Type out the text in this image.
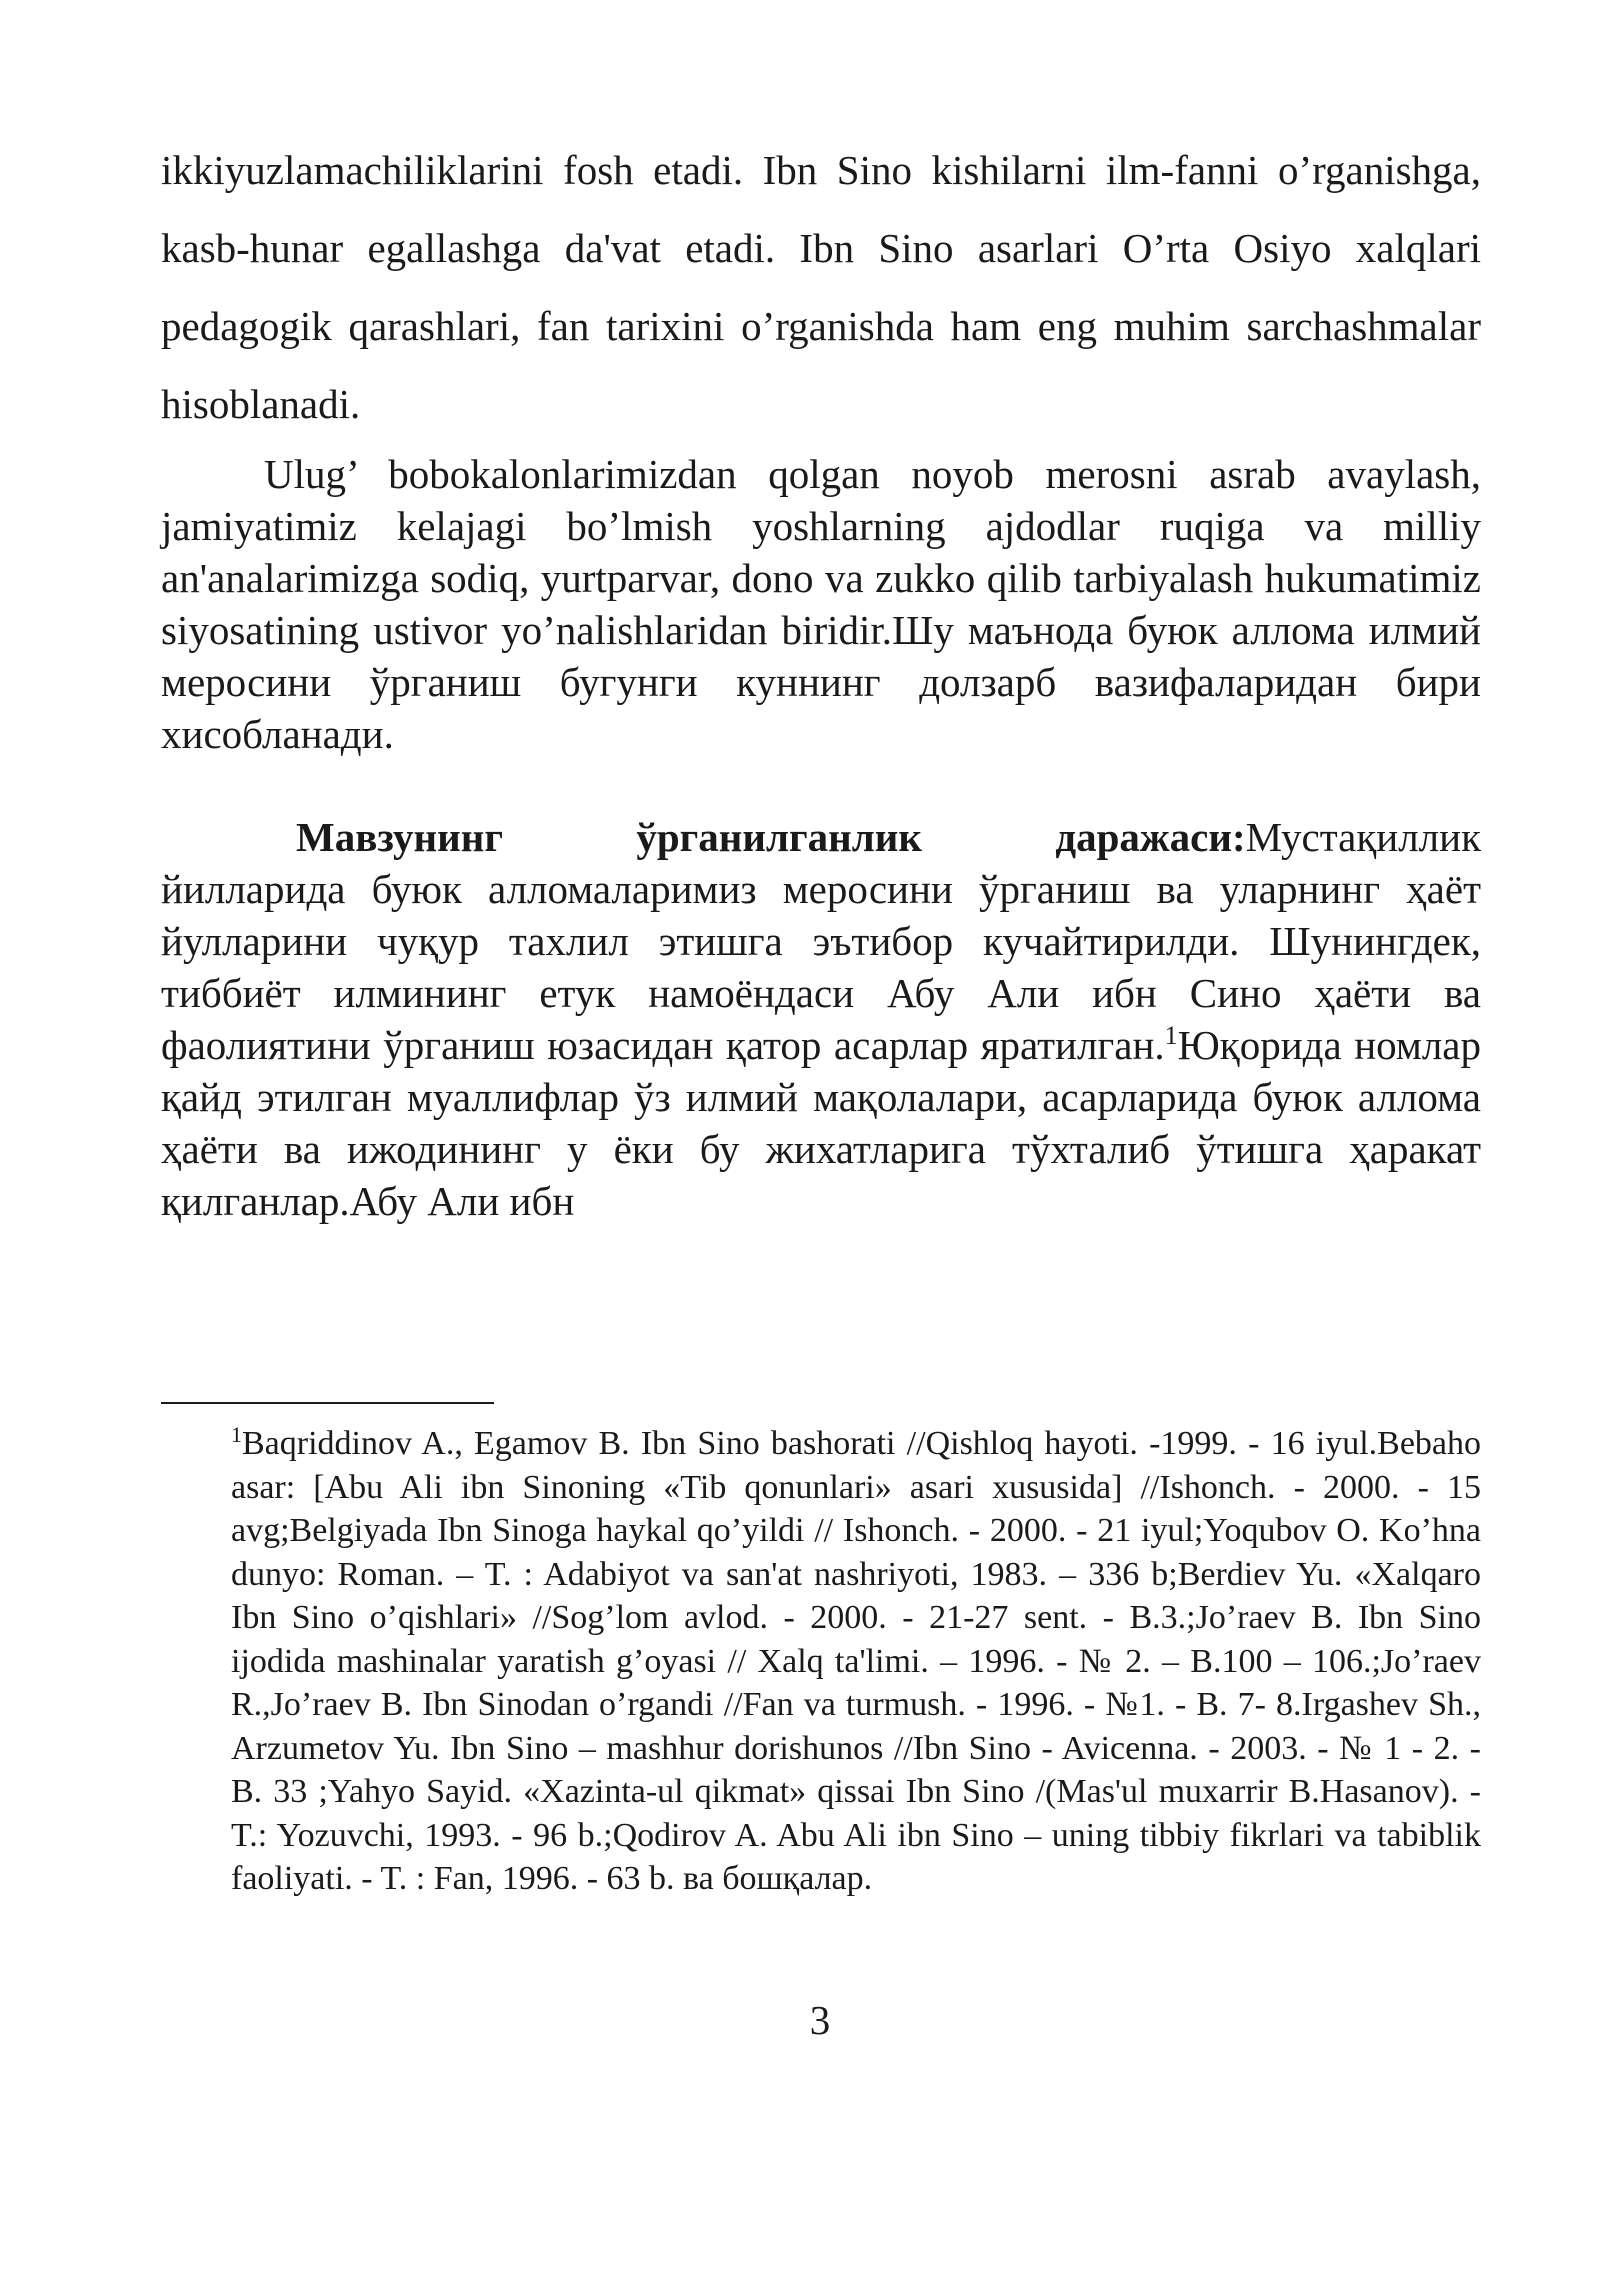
ikkiyuzlamachiliklarini fosh etadi. Ibn Sino kishilarni ilm-fanni o’rganishga, kasb-hunar egallashga da'vat etadi. Ibn Sino asarlari O’rta Osiyo xalqlari pedagogik qarashlari, fan tarixini o’rganishda ham eng muhim sarchashmalar hisoblanadi.

Ulug’ bobokalonlarimizdan qolgan noyob merosni asrab avaylash, jamiyatimiz kelajagi bo’lmish yoshlarning ajdodlar ruqiga va milliy an'analarimizga sodiq, yurtparvar, dono va zukko qilib tarbiyalash hukumatimiz siyosatining ustivor yo’nalishlaridan biridir.Шу маънода буюк аллома илмий меросини ўрганиш бугунги куннинг долзарб вазифаларидан бири хисобланади.

Мавзунинг ўрганилганлик даражаси:Мустақиллик йилларида буюк алломаларимиз меросини ўрганиш ва уларнинг ҳаёт йулларини чуқур тахлил этишга эътибор кучайтирилди. Шунингдек, тиббиёт илмининг етук намоёндаси Абу Али ибн Сино ҳаёти ва фаолиятини ўрганиш юзасидан қатор асарлар яратилган.$^1$Юқорида номлар қайд этилган муаллифлар ўз илмий мақолалари, асарларида буюк аллома ҳаёти ва ижодининг у ёки бу жихатларига тўхталиб ўтишга ҳаракат қилганлар.Абу Али ибн

$^1$Baqriddinov A., Egamov B. Ibn Sino bashorati //Qishloq hayoti. -1999. - 16 iyul.Bebaho asar: [Abu Ali ibn Sinoning «Tib qonunlari» asari xususida] //Ishonch. - 2000. - 15 avg;Belgiyada Ibn Sinoga haykal qo’yildi // Ishonch. - 2000. - 21 iyul;Yoqubov O. Ko’hna dunyo: Roman. – T. : Adabiyot va san'at nashriyoti, 1983. – 336 b;Berdiev Yu. «Xalqaro Ibn Sino o’qishlari» //Sog’lom avlod. - 2000. - 21-27 sent. - B.3.;Jo’raev B. Ibn Sino ijodida mashinalar yaratish g’oyasi // Xalq ta'limi. – 1996. - № 2. – B.100 – 106.;Jo’raev R.,Jo’raev B. Ibn Sinodan o’rgandi //Fan va turmush. - 1996. - №1. - B. 7- 8.Irgashev Sh., Arzumetov Yu. Ibn Sino – mashhur dorishunos //Ibn Sino - Avicenna. - 2003. - № 1 - 2. - B. 33 ;Yahyo Sayid. «Xazinta-ul qikmat» qissai Ibn Sino /(Mas'ul muxarrir B.Hasanov). - T.: Yozuvchi, 1993. - 96 b.;Qodirov A. Abu Ali ibn Sino – uning tibbiy fikrlari va tabiblik faoliyati. - T. : Fan, 1996. - 63 b. ва бошқалар.

3
